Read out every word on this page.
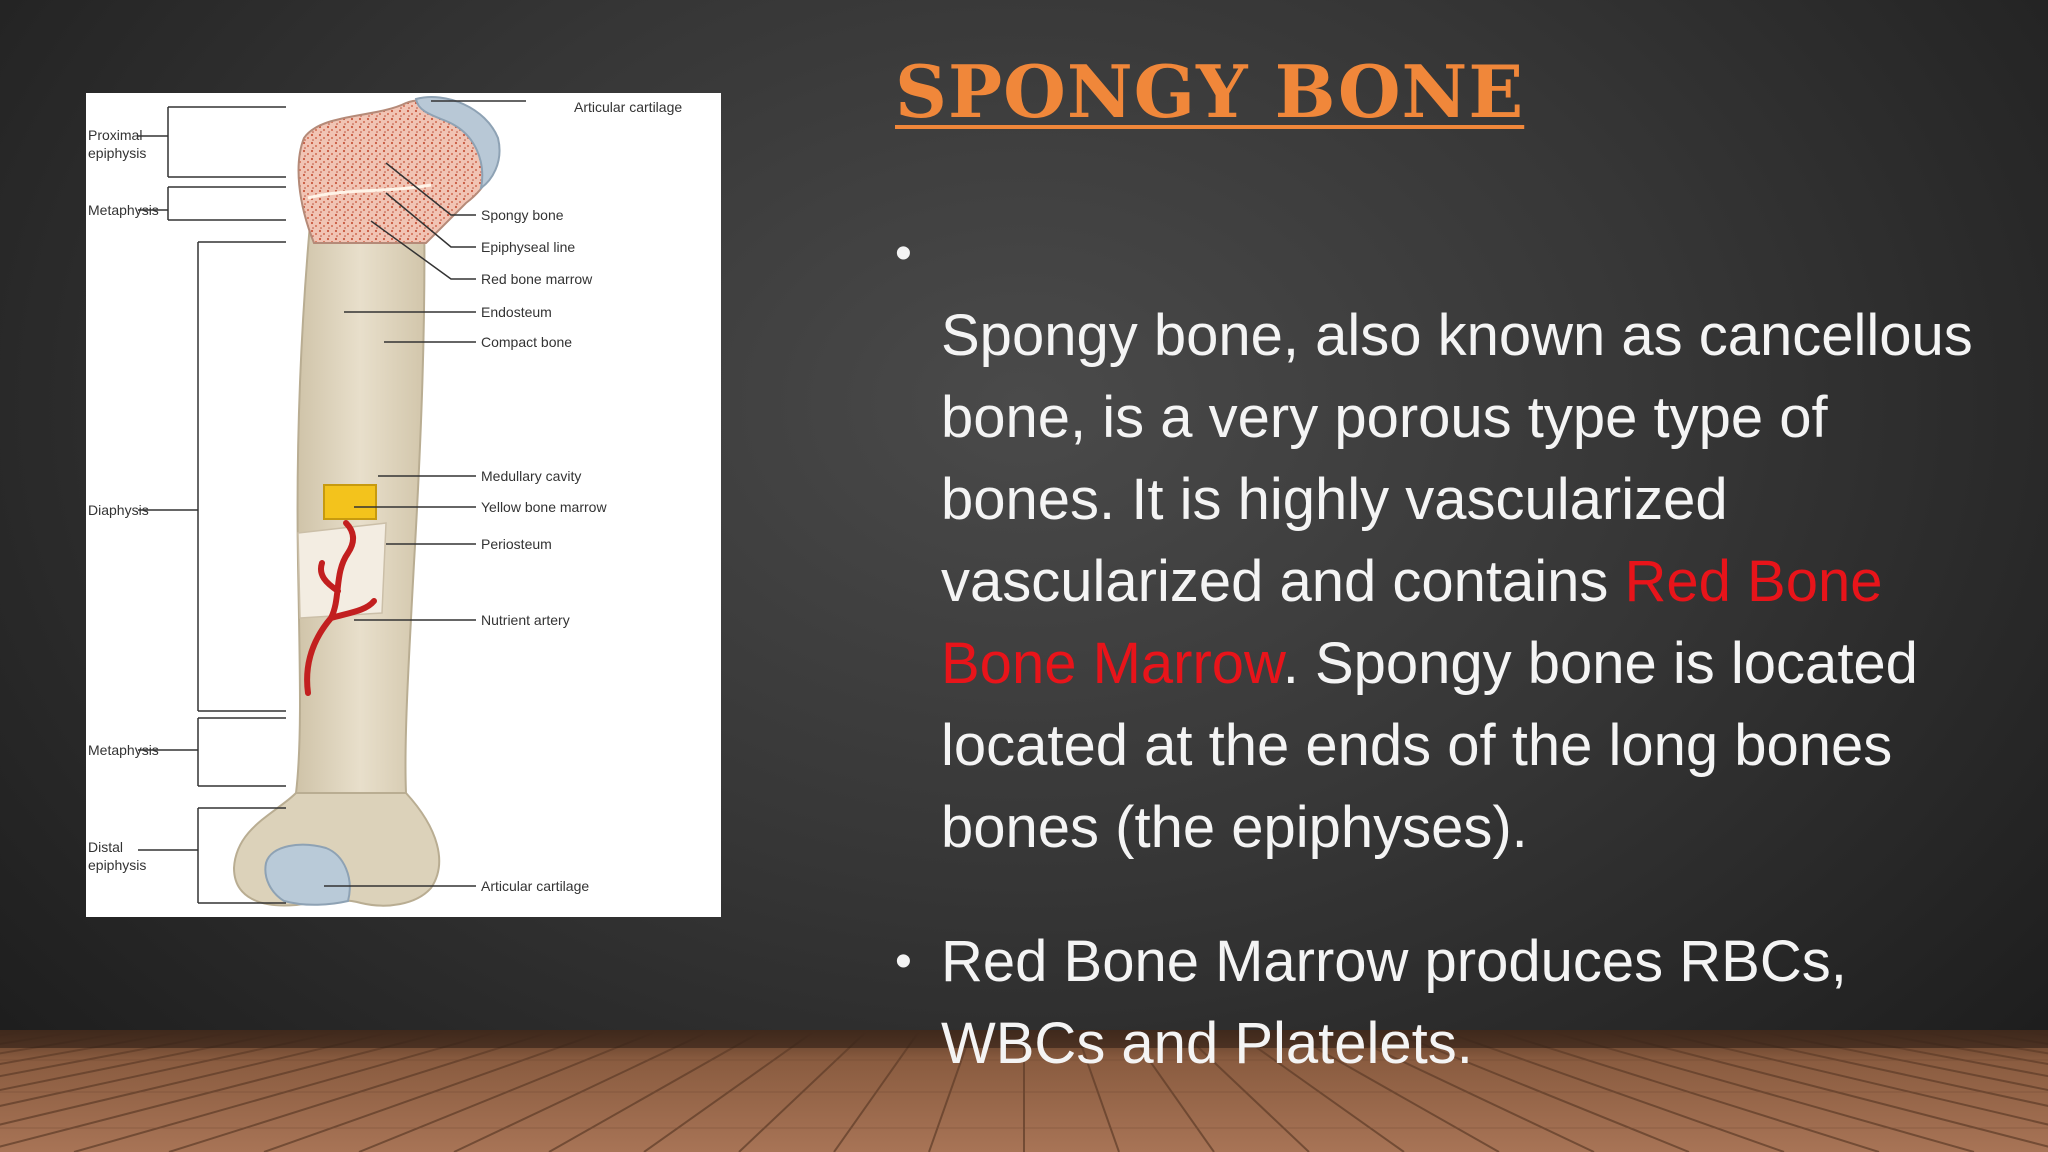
Proximal
epiphysis
Metaphysis
Diaphysis
Metaphysis
Distal
epiphysis
Articular cartilage
Spongy bone
Epiphyseal line
Red bone marrow
Endosteum
Compact bone
Medullary cavity
Yellow bone marrow
Periosteum
Nutrient artery
Articular cartilage
SPONGY BONE
•
Spongy bone, also known as cancellous bone, is a very porous type type of bones. It is highly vascularized vascularized and contains Red Bone Bone Marrow. Spongy bone is located located at the ends of the long bones bones (the epiphyses).
• Red Bone Marrow produces RBCs, WBCs and Platelets.
